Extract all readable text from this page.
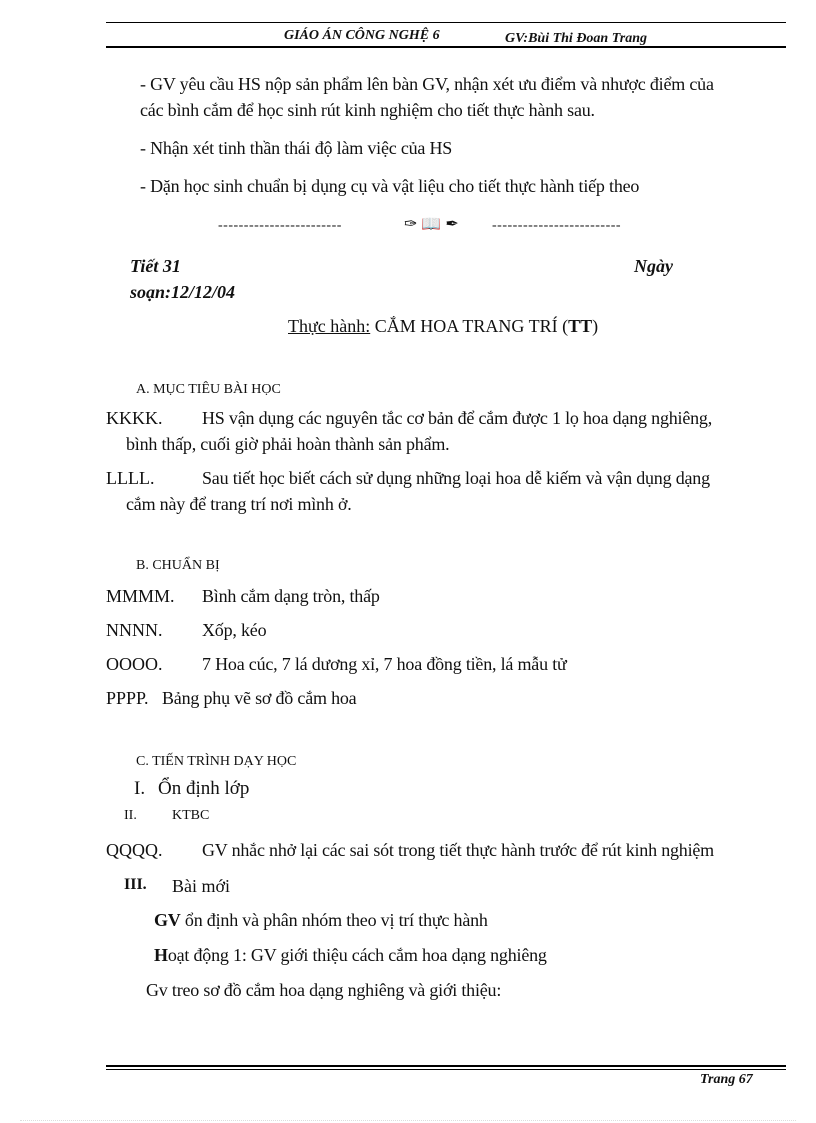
GIÁO ÁN CÔNG NGHỆ 6	GV:Bùi Thi Đoan Trang
- GV yêu cầu HS nộp sản phẩm lên bàn GV, nhận xét ưu điểm và nhược điểm của
các bình cắm để học sinh rút kinh nghiệm cho tiết thực hành sau.
- Nhận xét tinh thần thái độ làm việc của HS
- Dặn học sinh chuẩn bị dụng cụ và vật liệu cho tiết thực hành tiếp theo
------------------------	✑ 📖 ✒ -------------------------
Tiết 31	Ngày
soạn:12/12/04
Thực hành: CẮM HOA TRANG TRÍ (TT)
A. MỤC TIÊU BÀI HỌC
KKKK. HS vận dụng các nguyên tắc cơ bản để cắm được 1 lọ hoa dạng nghiêng,
bình thấp, cuối giờ phải hoàn thành sản phẩm.
LLLL.	Sau tiết học biết cách sử dụng những loại hoa dễ kiếm và vận dụng dạng
cắm này để trang trí nơi mình ở.
B. CHUẨN BỊ
MMMM. Bình cắm dạng tròn, thấp
NNNN. Xốp, kéo
OOOO. 7 Hoa cúc, 7 lá dương xỉ, 7 hoa đồng tiền, lá mẫu tử
PPPP. Bảng phụ vẽ sơ đồ cắm hoa
C. TIẾN TRÌNH DẠY HỌC
I. Ổn định lớp
II.	KTBC
QQQQ. GV nhắc nhở lại các sai sót trong tiết thực hành trước để rút kinh nghiệm
III. Bài mới
GV ổn định và phân nhóm theo vị trí thực hành
Hoạt động 1: GV giới thiệu cách cắm hoa dạng nghiêng
Gv treo sơ đồ cắm hoa dạng nghiêng và giới thiệu:
Trang 67
